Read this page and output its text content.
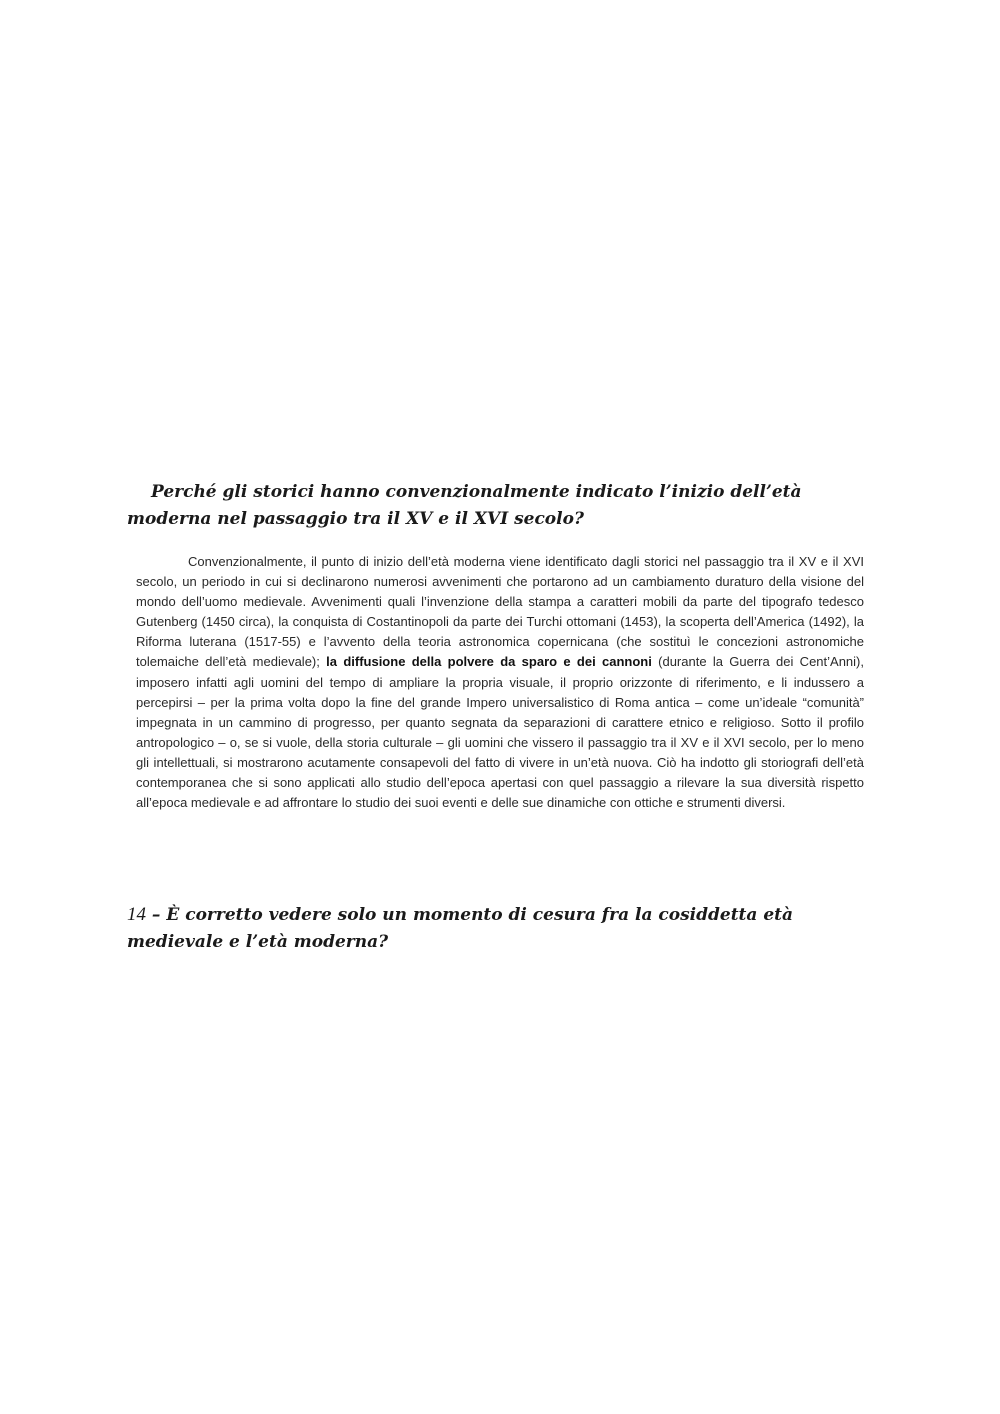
Perché gli storici hanno convenzionalmente indicato l’inizio dell’età moderna nel passaggio tra il XV e il XVI secolo?

Convenzionalmente, il punto di inizio dell’età moderna viene identificato dagli storici nel passaggio tra il XV e il XVI secolo, un periodo in cui si declinarono numerosi avvenimenti che portarono ad un cambiamento duraturo della visione del mondo dell’uomo medievale. Avvenimenti quali l’invenzione della stampa a caratteri mobili da parte del tipografo tedesco Gutenberg (1450 circa), la conquista di Costantinopoli da parte dei Turchi ottomani (1453), la scoperta dell’America (1492), la Riforma luterana (1517-55) e l’avvento della teoria astronomica copernicana (che sostituì le concezioni astronomiche tolemaiche dell’età medievale); la diffusione della polvere da sparo e dei cannoni (durante la Guerra dei Cent’Anni), imposero infatti agli uomini del tempo di ampliare la propria visuale, il proprio orizzonte di riferimento, e li indussero a percepirsi – per la prima volta dopo la fine del grande Impero universalistico di Roma antica – come un’ideale “comunità” impegnata in un cammino di progresso, per quanto segnata da separazioni di carattere etnico e religioso. Sotto il profilo antropologico – o, se si vuole, della storia culturale – gli uomini che vissero il passaggio tra il XV e il XVI secolo, per lo meno gli intellettuali, si mostrarono acutamente consapevoli del fatto di vivere in un’età nuova. Ciò ha indotto gli storiografi dell’età contemporanea che si sono applicati allo studio dell’epoca apertasi con quel passaggio a rilevare la sua diversità rispetto all’epoca medievale e ad affrontare lo studio dei suoi eventi e delle sue dinamiche con ottiche e strumenti diversi.

14 – È corretto vedere solo un momento di cesura fra la cosiddetta età medievale e l’età moderna?
